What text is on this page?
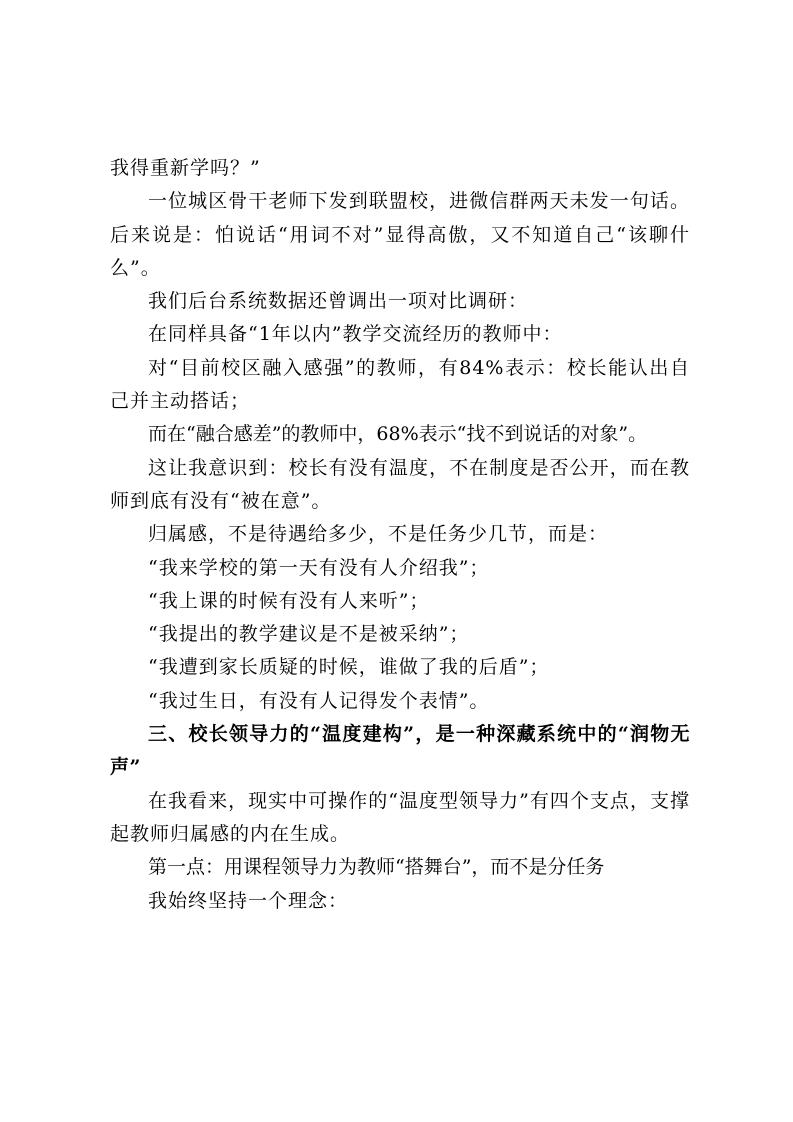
我得重新学吗？”

一位城区骨干老师下发到联盟校，进微信群两天未发一句话。后来说是：怕说话“用词不对”显得高傲，又不知道自己“该聊什么”。

我们后台系统数据还曾调出一项对比调研：

在同样具备“1年以内”教学交流经历的教师中：

对“目前校区融入感强”的教师，有84%表示：校长能认出自己并主动搭话；

而在“融合感差”的教师中，68%表示“找不到说话的对象”。

这让我意识到：校长有没有温度，不在制度是否公开，而在教师到底有没有“被在意”。

归属感，不是待遇给多少，不是任务少几节，而是：

“我来学校的第一天有没有人介绍我”；

“我上课的时候有没有人来听”；

“我提出的教学建议是不是被采纳”；

“我遭到家长质疑的时候，谁做了我的后盾”；

“我过生日，有没有人记得发个表情”。

三、校长领导力的“温度建构”，是一种深藏系统中的“润物无声”

在我看来，现实中可操作的“温度型领导力”有四个支点，支撑起教师归属感的内在生成。

第一点：用课程领导力为教师“搭舞台”，而不是分任务

我始终坚持一个理念：
